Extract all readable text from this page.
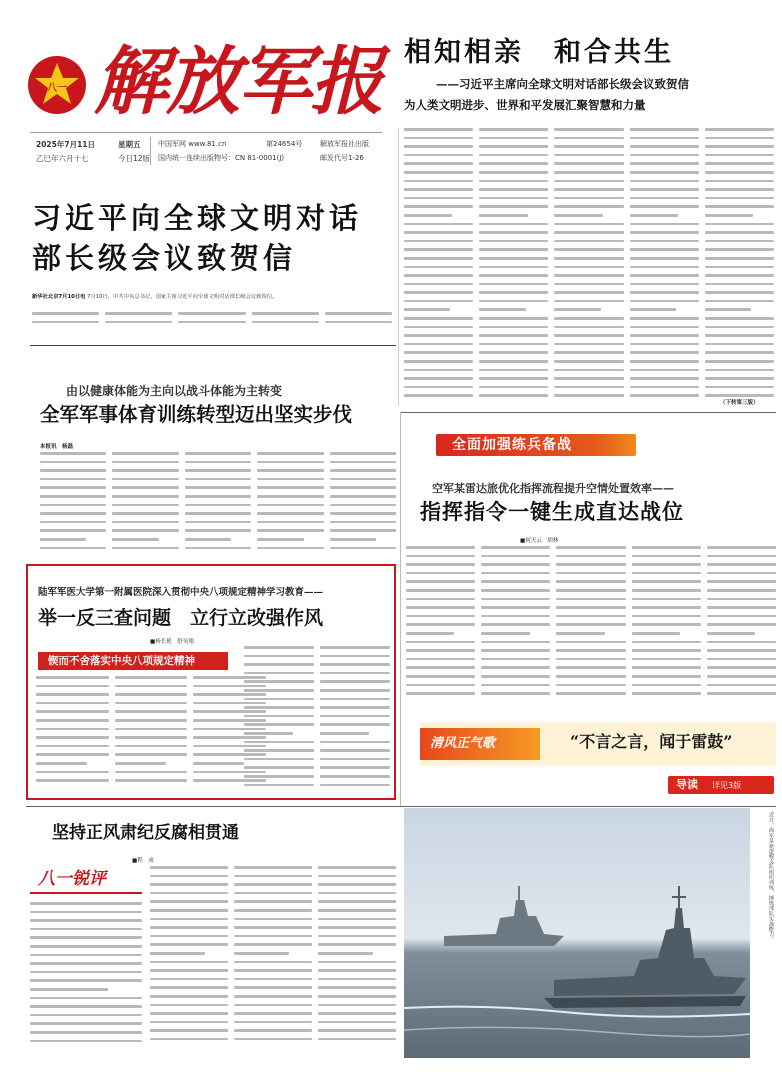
八一 解放军报
2025年7月11日	星期五
乙巳年六月十七	今日12版
中国军网 www.81.cn	第24654号	解放军报社出版
国内统一连续出版物号：CN 81-0001(J)	邮发代号1-26
相知相亲　和合共生
——习近平主席向全球文明对话部长级会议致贺信
为人类文明进步、世界和平发展汇聚智慧和力量
（下转第三版）
习近平向全球文明对话
部长级会议致贺信
新华社北京7月10日电 7月10日，中共中央总书记、国家主席习近平向全球文明对话部长级会议致贺信。
由以健康体能为主向以战斗体能为主转变
全军军事体育训练转型迈出坚实步伐
本报讯　杨磊	全面加强练兵备战
空军某雷达旅优化指挥流程提升空情处置效率——
指挥指令一键生成直达战位
■何天云　胡林
陆军军医大学第一附属医院深入贯彻中央八项规定精神学习教育——
举一反三查问题　立行立改强作风
■杨长艳　舒昊翔
锲而不舍落实中央八项规定精神
清风正气歌	“不言之言，闻于雷鼓”
导读 详见3版
坚持正风肃纪反腐相贯通
■程　成
八一锐评	近日，海军某驱逐舰支队组织训练，锤炼部队实战能力。
